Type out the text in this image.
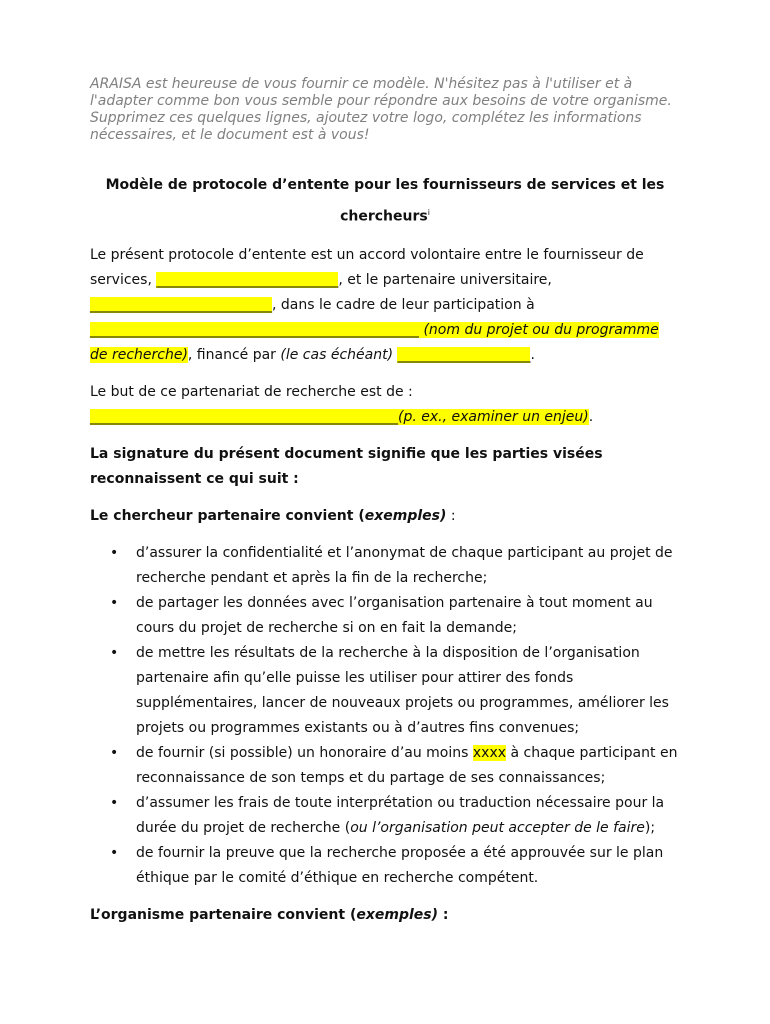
ARAISA est heureuse de vous fournir ce modèle. N'hésitez pas à l'utiliser et à l'adapter comme bon vous semble pour répondre aux besoins de votre organisme. Supprimez ces quelques lignes, ajoutez votre logo, complétez les informations nécessaires, et le document est à vous!

Modèle de protocole d’entente pour les fournisseurs de services et les chercheurs$^i$

Le présent protocole d’entente est un accord volontaire entre le fournisseur de services, __________________________, et le partenaire universitaire, __________________________, dans le cadre de leur participation à _______________________________________________ (nom du projet ou du programme de recherche), financé par (le cas échéant) ___________________.

Le but de ce partenariat de recherche est de : ____________________________________________(p. ex., examiner un enjeu).

La signature du présent document signifie que les parties visées reconnaissent ce qui suit :

Le chercheur partenaire convient (exemples) :

• d’assurer la confidentialité et l’anonymat de chaque participant au projet de recherche pendant et après la fin de la recherche;
• de partager les données avec l’organisation partenaire à tout moment au cours du projet de recherche si on en fait la demande;
• de mettre les résultats de la recherche à la disposition de l’organisation partenaire afin qu’elle puisse les utiliser pour attirer des fonds supplémentaires, lancer de nouveaux projets ou programmes, améliorer les projets ou programmes existants ou à d’autres fins convenues;
• de fournir (si possible) un honoraire d’au moins xxxx à chaque participant en reconnaissance de son temps et du partage de ses connaissances;
• d’assumer les frais de toute interprétation ou traduction nécessaire pour la durée du projet de recherche (ou l’organisation peut accepter de le faire);
• de fournir la preuve que la recherche proposée a été approuvée sur le plan éthique par le comité d’éthique en recherche compétent.

L’organisme partenaire convient (exemples) :
